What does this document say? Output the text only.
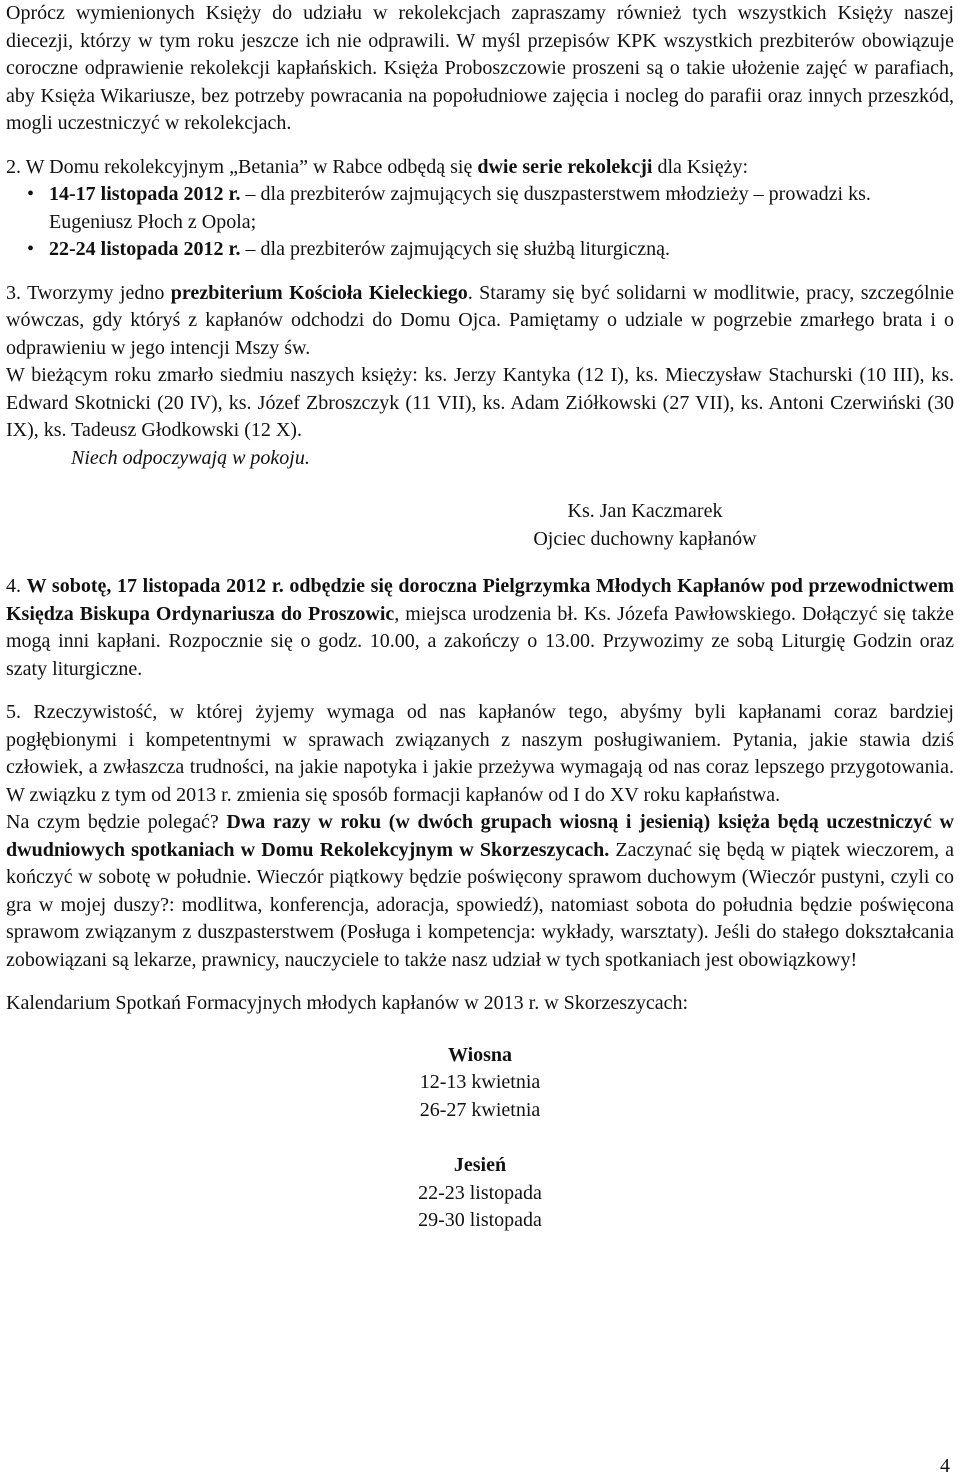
Oprócz wymienionych Księży do udziału w rekolekcjach zapraszamy również tych wszystkich Księży naszej diecezji, którzy w tym roku jeszcze ich nie odprawili. W myśl przepisów KPK wszystkich prezbiterów obowiązuje coroczne odprawienie rekolekcji kapłańskich. Księża Proboszczowie proszeni są o takie ułożenie zajęć w parafiach, aby Księża Wikariusze, bez potrzeby powracania na popołudniowe zajęcia i nocleg do parafii oraz innych przeszkód, mogli uczestniczyć w rekolekcjach.

2. W Domu rekolekcyjnym „Betania” w Rabce odbędą się dwie serie rekolekcji dla Księży:

• 14-17 listopada 2012 r. – dla prezbiterów zajmujących się duszpasterstwem młodzieży – prowadzi ks. Eugeniusz Płoch z Opola;
• 22-24 listopada 2012 r. – dla prezbiterów zajmujących się służbą liturgiczną.

3. Tworzymy jedno prezbiterium Kościoła Kieleckiego. Staramy się być solidarni w modlitwie, pracy, szczególnie wówczas, gdy któryś z kapłanów odchodzi do Domu Ojca. Pamiętamy o udziale w pogrzebie zmarłego brata i o odprawieniu w jego intencji Mszy św.

W bieżącym roku zmarło siedmiu naszych księży: ks. Jerzy Kantyka (12 I), ks. Mieczysław Stachurski (10 III), ks. Edward Skotnicki (20 IV), ks. Józef Zbroszczyk (11 VII), ks. Adam Ziółkowski (27 VII), ks. Antoni Czerwiński (30 IX), ks. Tadeusz Głodkowski (12 X).

Niech odpoczywają w pokoju.

Ks. Jan Kaczmarek
Ojciec duchowny kapłanów

4. W sobotę, 17 listopada 2012 r. odbędzie się doroczna Pielgrzymka Młodych Kapłanów pod przewodnictwem Księdza Biskupa Ordynariusza do Proszowic, miejsca urodzenia bł. Ks. Józefa Pawłowskiego. Dołączyć się także mogą inni kapłani. Rozpocznie się o godz. 10.00, a zakończy o 13.00. Przywozimy ze sobą Liturgię Godzin oraz szaty liturgiczne.

5. Rzeczywistość, w której żyjemy wymaga od nas kapłanów tego, abyśmy byli kapłanami coraz bardziej pogłębionymi i kompetentnymi w sprawach związanych z naszym posługiwaniem. Pytania, jakie stawia dziś człowiek, a zwłaszcza trudności, na jakie napotyka i jakie przeżywa wymagają od nas coraz lepszego przygotowania. W związku z tym od 2013 r. zmienia się sposób formacji kapłanów od I do XV roku kapłaństwa.

Na czym będzie polegać? Dwa razy w roku (w dwóch grupach wiosną i jesienią) księża będą uczestniczyć w dwudniowych spotkaniach w Domu Rekolekcyjnym w Skorzeszycach. Zaczynać się będą w piątek wieczorem, a kończyć w sobotę w południe. Wieczór piątkowy będzie poświęcony sprawom duchowym (Wieczór pustyni, czyli co gra w mojej duszy?: modlitwa, konferencja, adoracja, spowiedź), natomiast sobota do południa będzie poświęcona sprawom związanym z duszpasterstwem (Posługa i kompetencja: wykłady, warsztaty). Jeśli do stałego dokształcania zobowiązani są lekarze, prawnicy, nauczyciele to także nasz udział w tych spotkaniach jest obowiązkowy!

Kalendarium Spotkań Formacyjnych młodych kapłanów w 2013 r. w Skorzeszycach:

Wiosna
12-13 kwietnia
26-27 kwietnia
Jesień
22-23 listopada
29-30 listopada
4
